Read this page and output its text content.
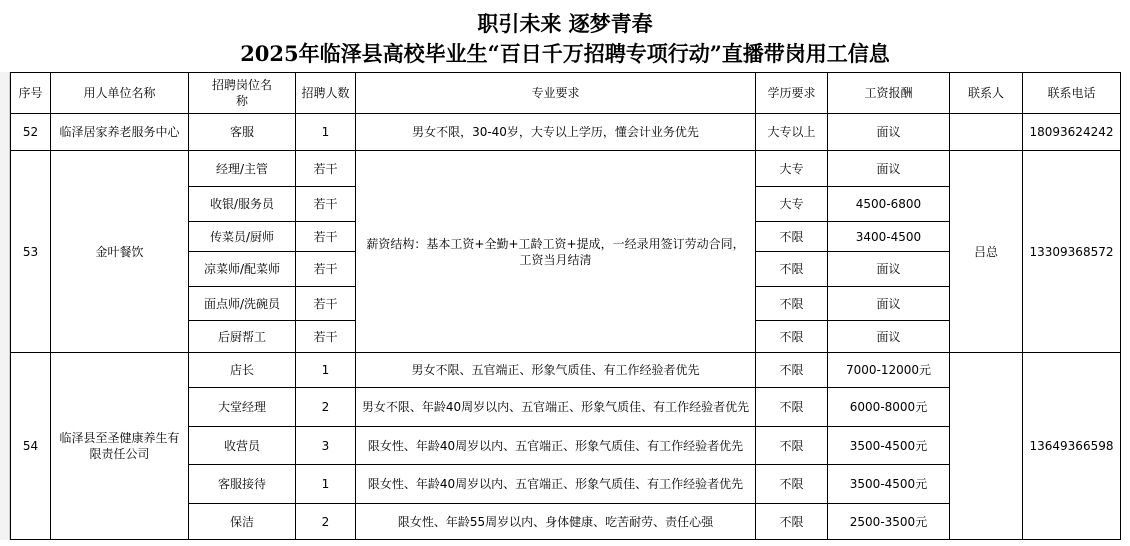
职引未来 逐梦青春
2025年临泽县高校毕业生“百日千万招聘专项行动”直播带岗用工信息
序号	用人单位名称	招聘岗位名称	招聘人数	专业要求	学历要求	工资报酬	联系人	联系电话
52	临泽居家养老服务中心	客服	1	男女不限，30-40岁，大专以上学历，懂会计业务优先	大专以上	面议		18093624242
53	金叶餐饮	经理/主管	若干	薪资结构：基本工资+全勤+工龄工资+提成，一经录用签订劳动合同，工资当月结清	大专	面议	吕总	13309368572
		收银/服务员	若干		大专	4500-6800		
		传菜员/厨师	若干		不限	3400-4500		
		凉菜师/配菜师	若干		不限	面议		
		面点师/洗碗员	若干		不限	面议		
		后厨帮工	若干		不限	面议		
54	临泽县至圣健康养生有限责任公司	店长	1	男女不限、五官端正、形象气质佳、有工作经验者优先	不限	7000-12000元		13649366598
		大堂经理	2	男女不限、年龄40周岁以内、五官端正、形象气质佳、有工作经验者优先	不限	6000-8000元		
		收营员	3	限女性、年龄40周岁以内、五官端正、形象气质佳、有工作经验者优先	不限	3500-4500元		
		客服接待	1	限女性、年龄40周岁以内、五官端正、形象气质佳、有工作经验者优先	不限	3500-4500元		
		保洁	2	限女性、年龄55周岁以内、身体健康、吃苦耐劳、责任心强	不限	2500-3500元		
